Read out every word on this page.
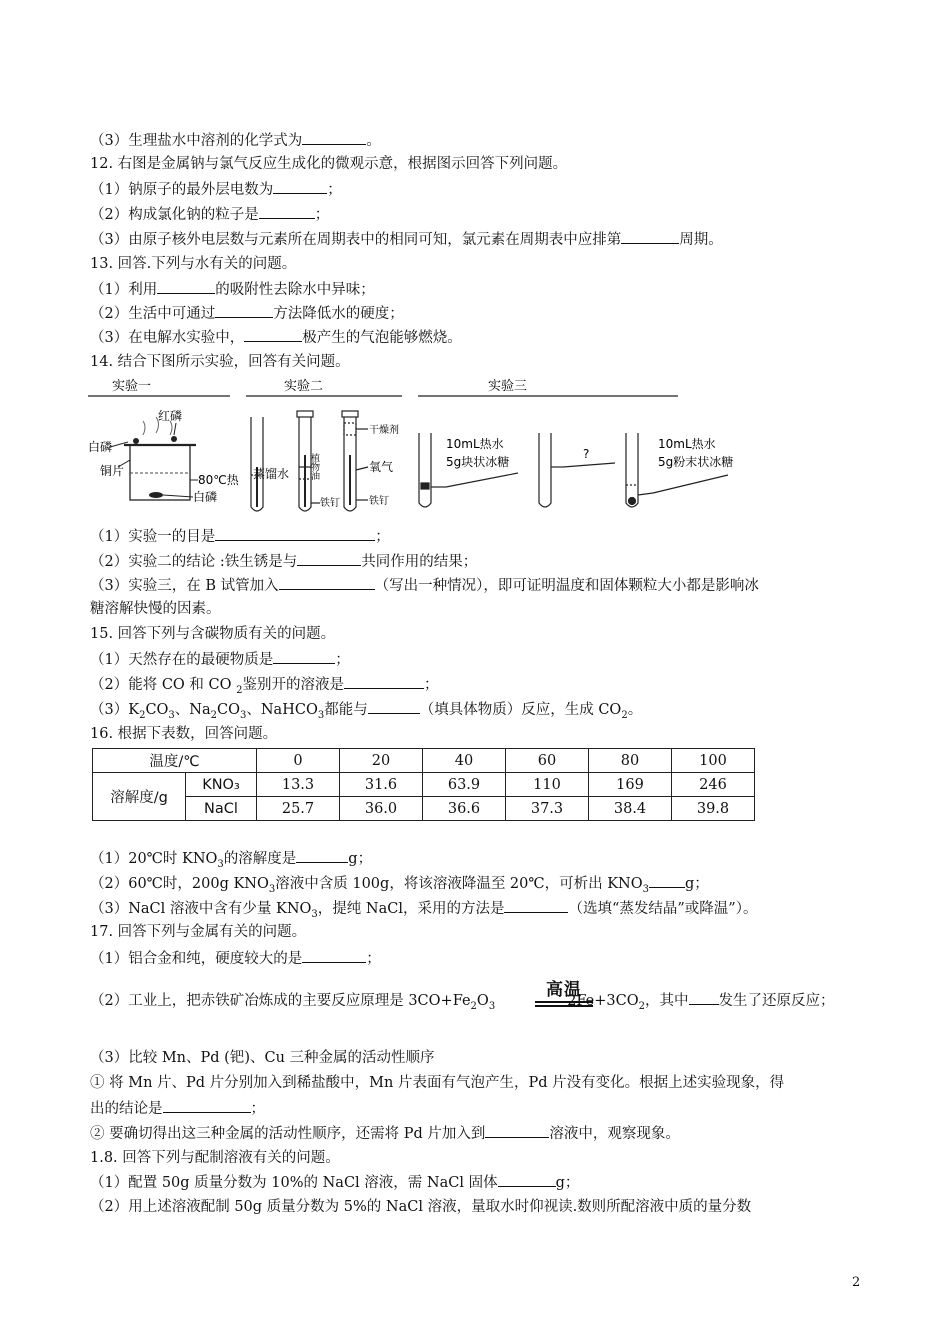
（3）生理盐水中溶剂的化学式为	。
12. 右图是金属钠与氯气反应生成化的微观示意，根据图示回答下列问题。
（1）钠原子的最外层电数为	；
（2）构成氯化钠的粒子是	；
（3）由原子核外电层数与元素所在周期表中的相同可知，氯元素在周期表中应排第	周期。
13. 回答.下列与水有关的问题。
（1）利用	的吸附性去除水中异味；
（2）生活中可通过	方法降低水的硬度；
（3）在电解水实验中，	极产生的气泡能够燃烧。
14. 结合下图所示实验，回答有关问题。
实验一	实验二	实验三
红磷
白磷
铜片
80℃热
白磷
干燥剂
蒸馏水 植物油
铁钉
氧气
铁钉
10mL热水
5g块状冰糖
?
10mL热水
5g粉末状冰糖
（1）实验一的目是	；
（2）实验二的结论 :铁生锈是与	共同作用的结果；
（3）实验三，在 B 试管加入	（写出一种情况），即可证明温度和固体颗粒大小都是影响冰
糖溶解快慢的因素。
15. 回答下列与含碳物质有关的问题。
（1）天然存在的最硬物质是	；
（2）能将 CO 和 CO $_2$鉴别开的溶液是	；
$(3)K_2CO_3$、$Na_2CO_3$、NaHCO$_3$都能与	（填具体物质）反应，生成 $CO_2$。
16. 根据下表数，回答问题。
温度/℃		0	20	40	60	80	100
溶解度/g	KNO₃	13.3	31.6	63.9	110	169	246
	NaCl	25.7	36.0	36.6	37.3	38.4	39.8
（1）20℃时 $KNO_3$的溶解度是	g；
（2）60℃时，200g $KNO_3$溶液中含质 100g，将该溶液降温至 20℃，可析出 $KNO_3$ g；
（3）NaCl 溶液中含有少量 $KNO_3$，提纯 NaCl，采用的方法是	（选填“蒸发结晶”或降温”）。
17. 回答下列与金属有关的问题。
（1）铝合金和纯，硬度较大的是	；
（2）工业上，把赤铁矿冶炼成的主要反应原理是 $3CO+Fe_2O_3$	$2Fe+3CO_2$，其中 发生了还原反应；
高温
（3）比较 Mn、Pd (钯)、Cu 三种金属的活动性顺序
① 将 Mn 片、Pd 片分别加入到稀盐酸中，Mn 片表面有气泡产生，Pd 片没有变化。根据上述实验现象，得
出的结论是	；
② 要确切得出这三种金属的活动性顺序，还需将 Pd 片加入到	溶液中，观察现象。
1.8. 回答下列与配制溶液有关的问题。
（1）配置 50g 质量分数为 10%的 NaCl 溶液，需 NaCl 固体	g；
（2）用上述溶液配制 50g 质量分数为 5%的 NaCl 溶液，量取水时仰视读.数则所配溶液中质的量分数
2
